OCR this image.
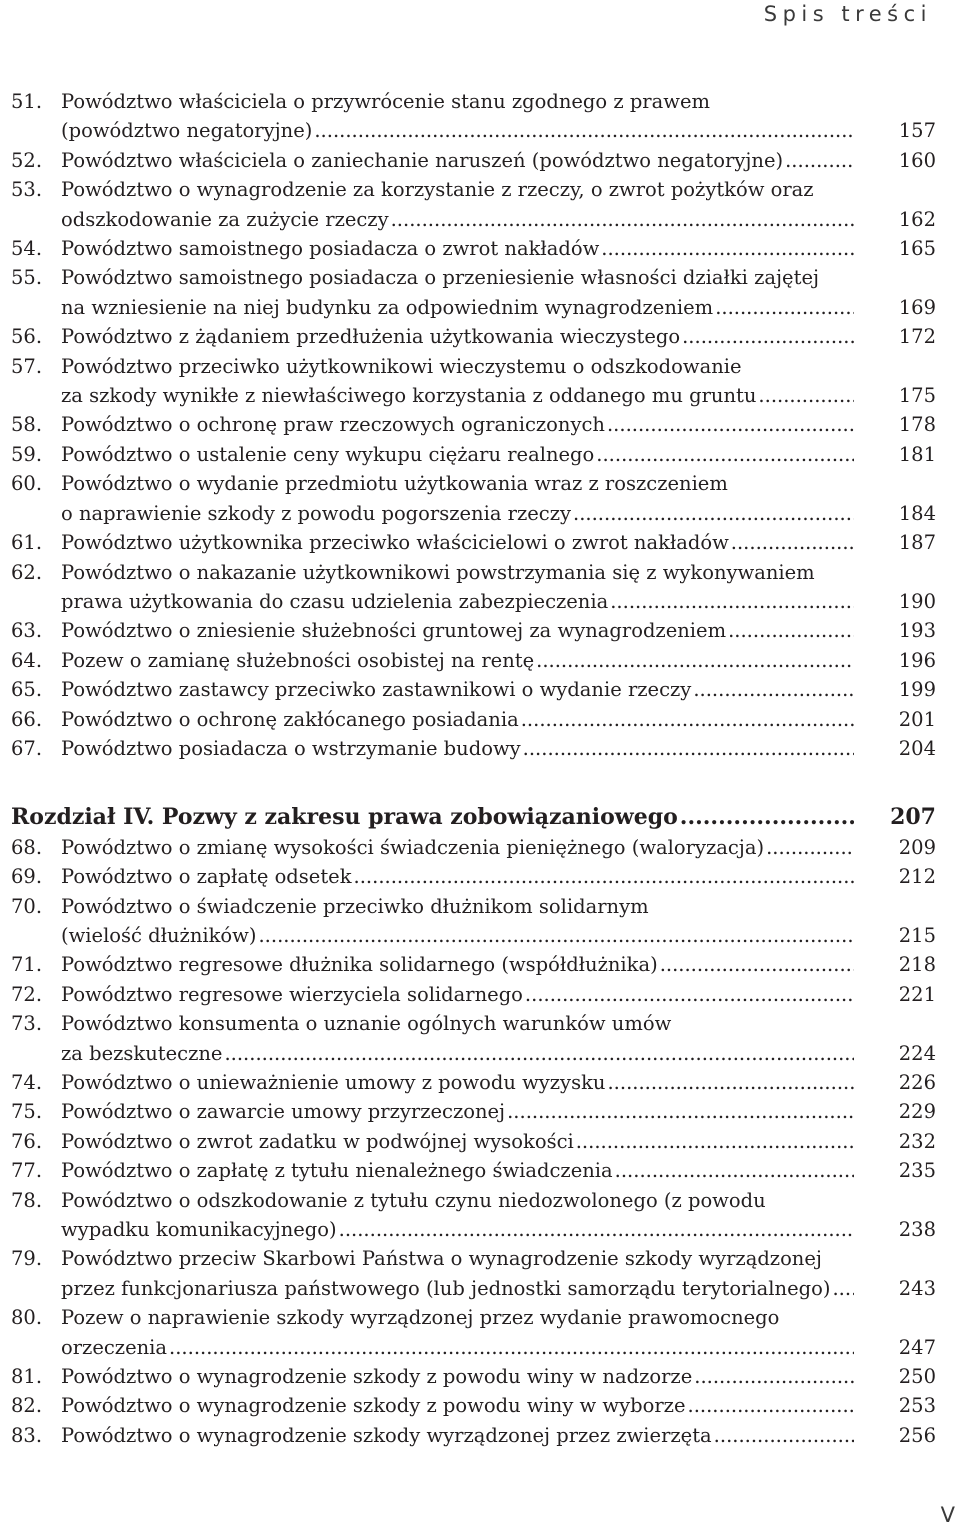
Spis treści
51. Powództwo właściciela o przywrócenie stanu zgodnego z prawem
(powództwo negatoryjne) .....	157
52. Powództwo właściciela o zaniechanie naruszeń (powództwo negatoryjne) .....	160
53. Powództwo o wynagrodzenie za korzystanie z rzeczy, o zwrot pożytków oraz
odszkodowanie za zużycie rzeczy .....	162
54. Powództwo samoistnego posiadacza o zwrot nakładów .....	165
55. Powództwo samoistnego posiadacza o przeniesienie własności działki zajętej
na wzniesienie na niej budynku za odpowiednim wynagrodzeniem .....	169
56. Powództwo z żądaniem przedłużenia użytkowania wieczystego .....	172
57. Powództwo przeciwko użytkownikowi wieczystemu o odszkodowanie
za szkody wynikłe z niewłaściwego korzystania z oddanego mu gruntu .....	175
58. Powództwo o ochronę praw rzeczowych ograniczonych .....	178
59. Powództwo o ustalenie ceny wykupu ciężaru realnego .....	181
60. Powództwo o wydanie przedmiotu użytkowania wraz z roszczeniem
o naprawienie szkody z powodu pogorszenia rzeczy .....	184
61. Powództwo użytkownika przeciwko właścicielowi o zwrot nakładów .....	187
62. Powództwo o nakazanie użytkownikowi powstrzymania się z wykonywaniem
prawa użytkowania do czasu udzielenia zabezpieczenia .....	190
63. Powództwo o zniesienie służebności gruntowej za wynagrodzeniem .....	193
64. Pozew o zamianę służebności osobistej na rentę .....	196
65. Powództwo zastawcy przeciwko zastawnikowi o wydanie rzeczy .....	199
66. Powództwo o ochronę zakłócanego posiadania .....	201
67. Powództwo posiadacza o wstrzymanie budowy .....	204
Rozdział IV. Pozwy z zakresu prawa zobowiązaniowego .....	207
68. Powództwo o zmianę wysokości świadczenia pieniężnego (waloryzacja) .....	209
69. Powództwo o zapłatę odsetek .....	212
70. Powództwo o świadczenie przeciwko dłużnikom solidarnym
(wielość dłużników) .....	215
71. Powództwo regresowe dłużnika solidarnego (współdłużnika) .....	218
72. Powództwo regresowe wierzyciela solidarnego .....	221
73. Powództwo konsumenta o uznanie ogólnych warunków umów
za bezskuteczne .....	224
74. Powództwo o unieważnienie umowy z powodu wyzysku .....	226
75. Powództwo o zawarcie umowy przyrzeczonej .....	229
76. Powództwo o zwrot zadatku w podwójnej wysokości .....	232
77. Powództwo o zapłatę z tytułu nienależnego świadczenia .....	235
78. Powództwo o odszkodowanie z tytułu czynu niedozwolonego (z powodu
wypadku komunikacyjnego) .....	238
79. Powództwo przeciw Skarbowi Państwa o wynagrodzenie szkody wyrządzonej
przez funkcjonariusza państwowego (lub jednostki samorządu terytorialnego) .....	243
80. Pozew o naprawienie szkody wyrządzonej przez wydanie prawomocnego
orzeczenia .....	247
81. Powództwo o wynagrodzenie szkody z powodu winy w nadzorze .....	250
82. Powództwo o wynagrodzenie szkody z powodu winy w wyborze .....	253
83. Powództwo o wynagrodzenie szkody wyrządzonej przez zwierzęta .....	256
V
